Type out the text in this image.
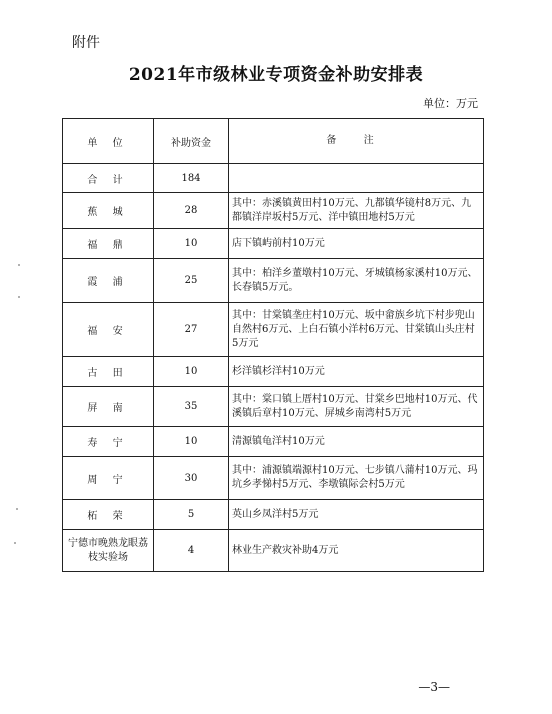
附件
2021年市级林业专项资金补助安排表
单位：万元
单 位	补助资金	备 注
合 计	184	
蕉 城	28	其中：赤溪镇黄田村10万元、九都镇华镜村8万元、九都镇洋岸坂村5万元、洋中镇田地村5万元
福 鼎	10	店下镇屿前村10万元
霞 浦	25	其中：柏洋乡董墩村10万元、牙城镇杨家溪村10万元、长春镇5万元。
福 安	27	其中：甘棠镇垄庄村10万元、坂中畲族乡坑下村步兜山自然村6万元、上白石镇小洋村6万元、甘棠镇山头庄村5万元
古 田	10	杉洋镇杉洋村10万元
屏 南	35	其中：棠口镇上厝村10万元、甘棠乡巴地村10万元、代溪镇后章村10万元、屏城乡南湾村5万元
寿 宁	10	清源镇龟洋村10万元
周 宁	30	其中：浦源镇端源村10万元、七步镇八蒲村10万元、玛坑乡孝悌村5万元、李墩镇际会村5万元
柘 荣	5	英山乡凤洋村5万元
宁德市晚熟龙眼荔枝实验场	4	林业生产救灾补助4万元
—3—
